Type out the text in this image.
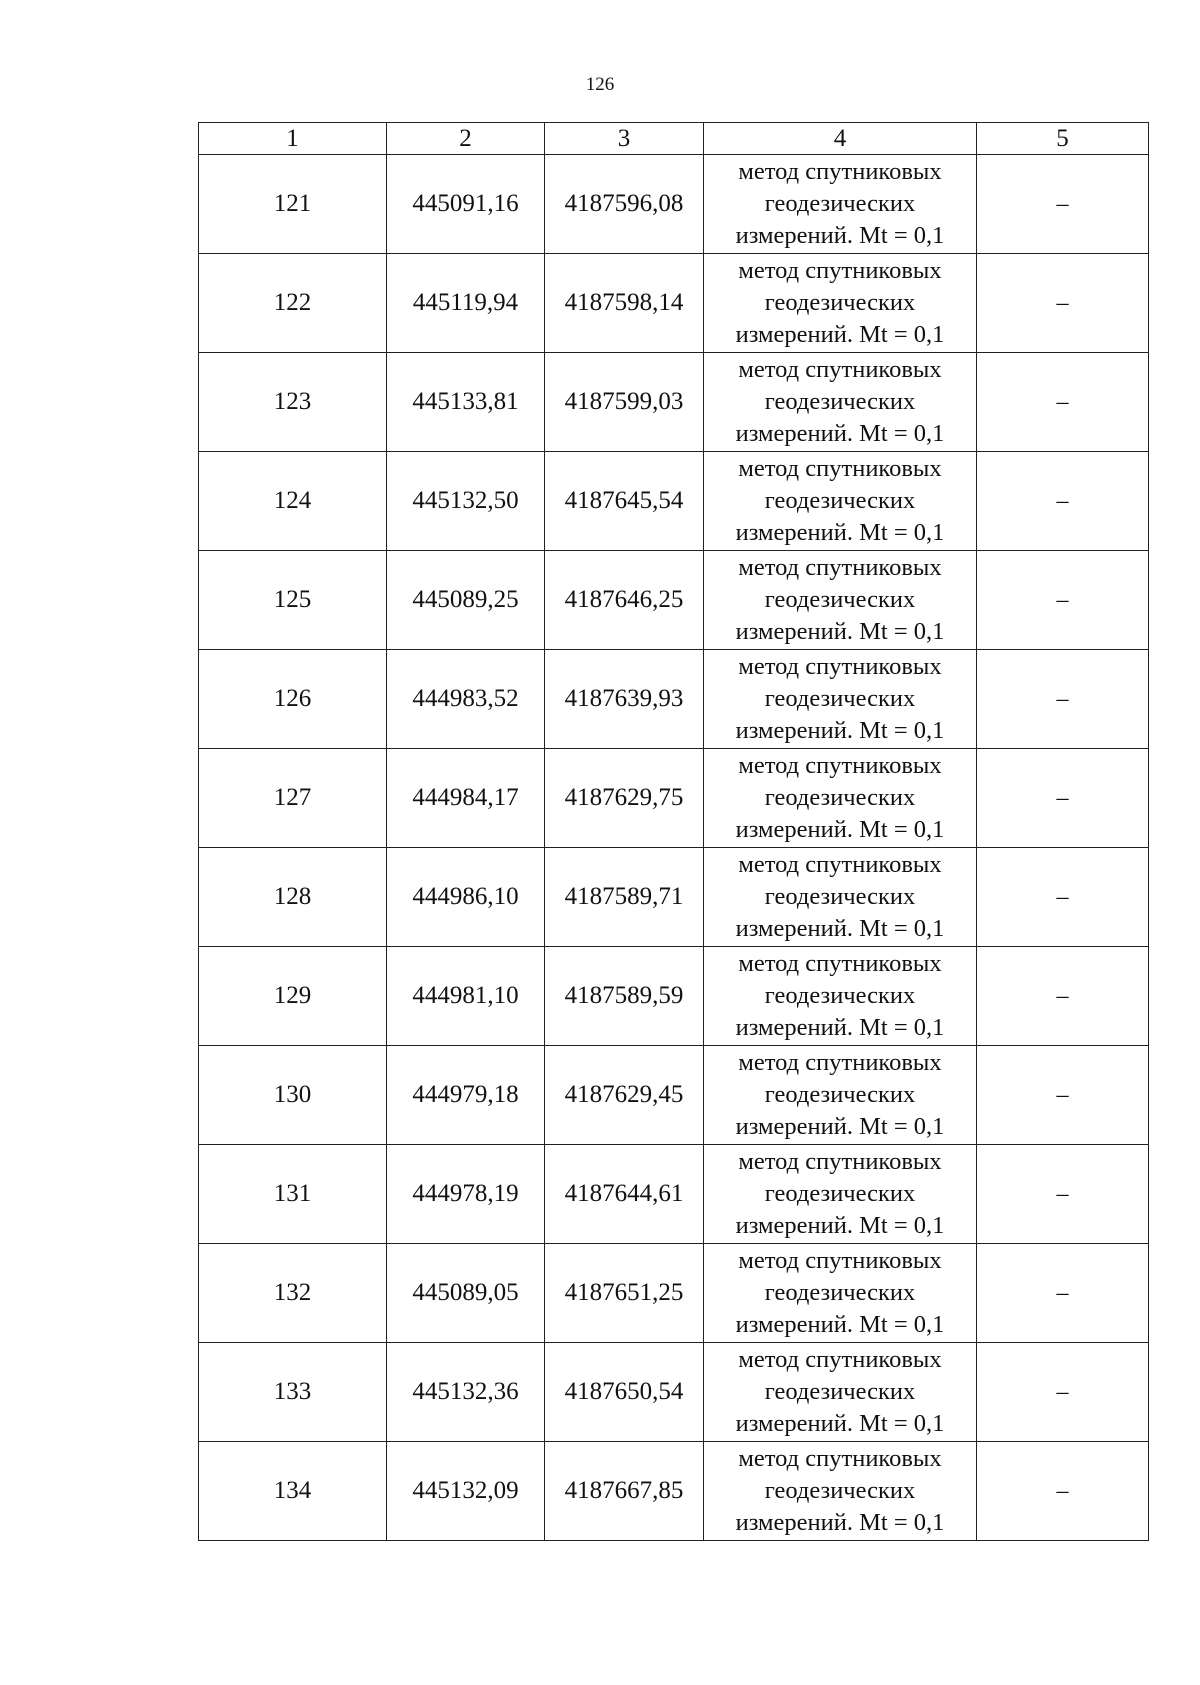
126
1	2	3	4	5
121	445091,16	4187596,08	метод спутниковых
геодезических
измерений. Mt = 0,1	–
122	445119,94	4187598,14	метод спутниковых
геодезических
измерений. Mt = 0,1	–
123	445133,81	4187599,03	метод спутниковых
геодезических
измерений. Mt = 0,1	–
124	445132,50	4187645,54	метод спутниковых
геодезических
измерений. Mt = 0,1	–
125	445089,25	4187646,25	метод спутниковых
геодезических
измерений. Mt = 0,1	–
126	444983,52	4187639,93	метод спутниковых
геодезических
измерений. Mt = 0,1	–
127	444984,17	4187629,75	метод спутниковых
геодезических
измерений. Mt = 0,1	–
128	444986,10	4187589,71	метод спутниковых
геодезических
измерений. Mt = 0,1	–
129	444981,10	4187589,59	метод спутниковых
геодезических
измерений. Mt = 0,1	–
130	444979,18	4187629,45	метод спутниковых
геодезических
измерений. Mt = 0,1	–
131	444978,19	4187644,61	метод спутниковых
геодезических
измерений. Mt = 0,1	–
132	445089,05	4187651,25	метод спутниковых
геодезических
измерений. Mt = 0,1	–
133	445132,36	4187650,54	метод спутниковых
геодезических
измерений. Mt = 0,1	–
134	445132,09	4187667,85	метод спутниковых
геодезических
измерений. Mt = 0,1	–
